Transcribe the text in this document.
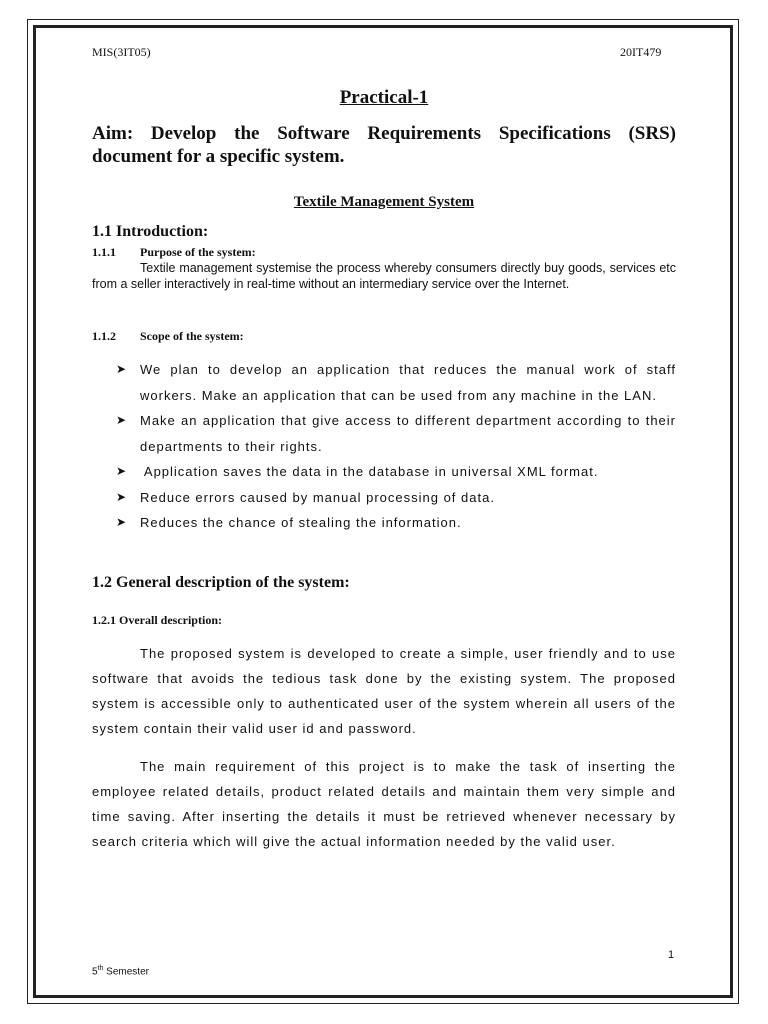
MIS(3IT05)	20IT479
Practical-1
Aim: Develop the Software Requirements Specifications (SRS)
document for a specific system.
Textile Management System
1.1 Introduction:
1.1.1 Purpose of the system:
Textile management systemise the process whereby consumers directly buy goods, services etc from a seller interactively in real-time without an intermediary service over the Internet.
1.1.2 Scope of the system:
➤ We plan to develop an application that reduces the manual work of staff workers. Make an application that can be used from any machine in the LAN.
➤ Make an application that give access to different department according to their departments to their rights.
➤ Application saves the data in the database in universal XML format.
➤ Reduce errors caused by manual processing of data.
➤ Reduces the chance of stealing the information.
1.2 General description of the system:
1.2.1 Overall description:

The proposed system is developed to create a simple, user friendly and to use software that avoids the tedious task done by the existing system. The proposed system is accessible only to authenticated user of the system wherein all users of the system contain their valid user id and password.

The main requirement of this project is to make the task of inserting the employee related details, product related details and maintain them very simple and time saving. After inserting the details it must be retrieved whenever necessary by search criteria which will give the actual information needed by the valid user.

1
5th Semester
